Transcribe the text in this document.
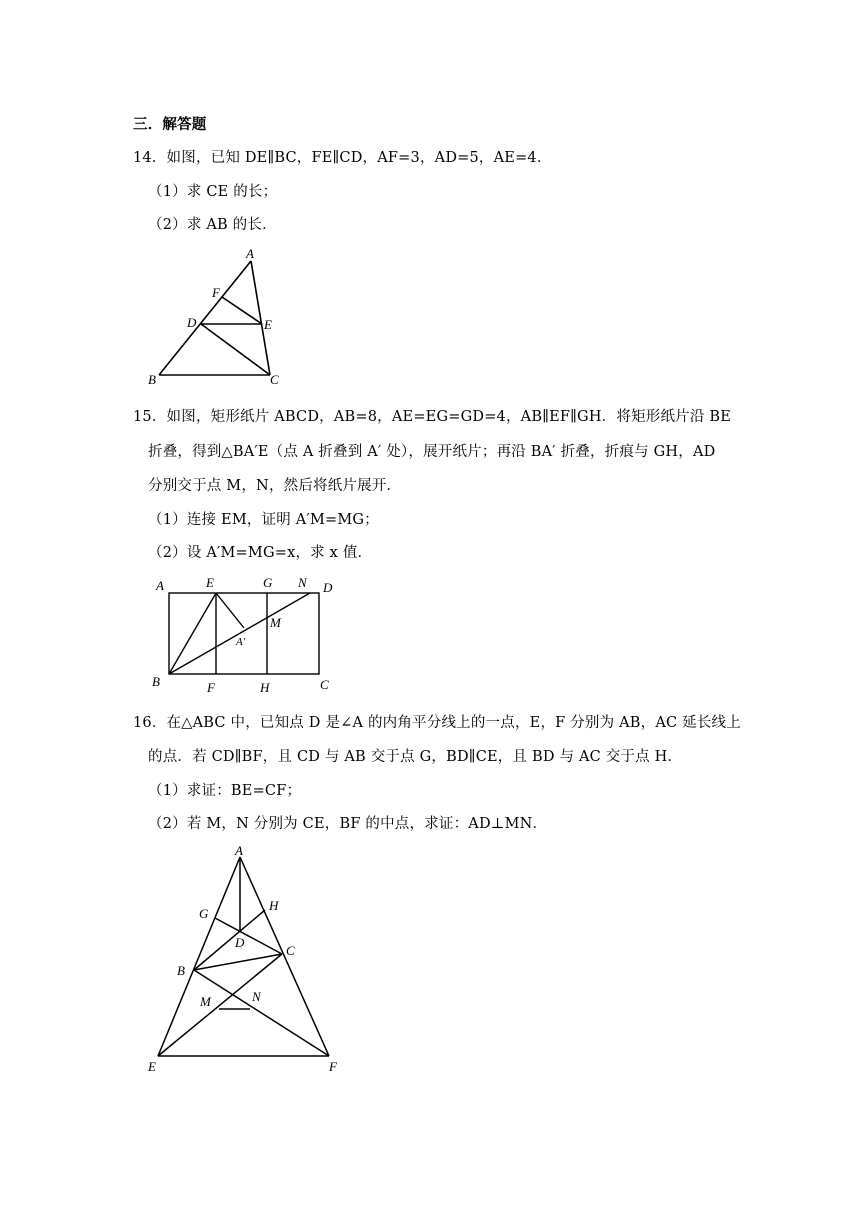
三．解答题
14．如图，已知 DE∥BC，FE∥CD，AF=3，AD=5，AE=4．
（1）求 CE 的长；
（2）求 AB 的长．
A
F
D	E
B	C
15．如图，矩形纸片 ABCD，AB=8，AE=EG=GD=4，AB∥EF∥GH．将矩形纸片沿 BE
折叠，得到△BA′E（点 A 折叠到 A′ 处），展开纸片；再沿 BA′ 折叠，折痕与 GH，AD
分别交于点 M，N，然后将纸片展开．
（1）连接 EM，证明 A′M=MG；
（2）设 A′M=MG=x，求 x 值．
A	E	G N D
M
A′
B	F	H	C
16．在△ABC 中，已知点 D 是∠A 的内角平分线上的一点，E，F 分别为 AB，AC 延长线上
的点．若 CD∥BF，且 CD 与 AB 交于点 G，BD∥CE，且 BD 与 AC 交于点 H．
（1）求证：BE=CF；
（2）若 M，N 分别为 CE，BF 的中点，求证：AD⊥MN．
A
H
G
D
C
B
M	N
E	F
